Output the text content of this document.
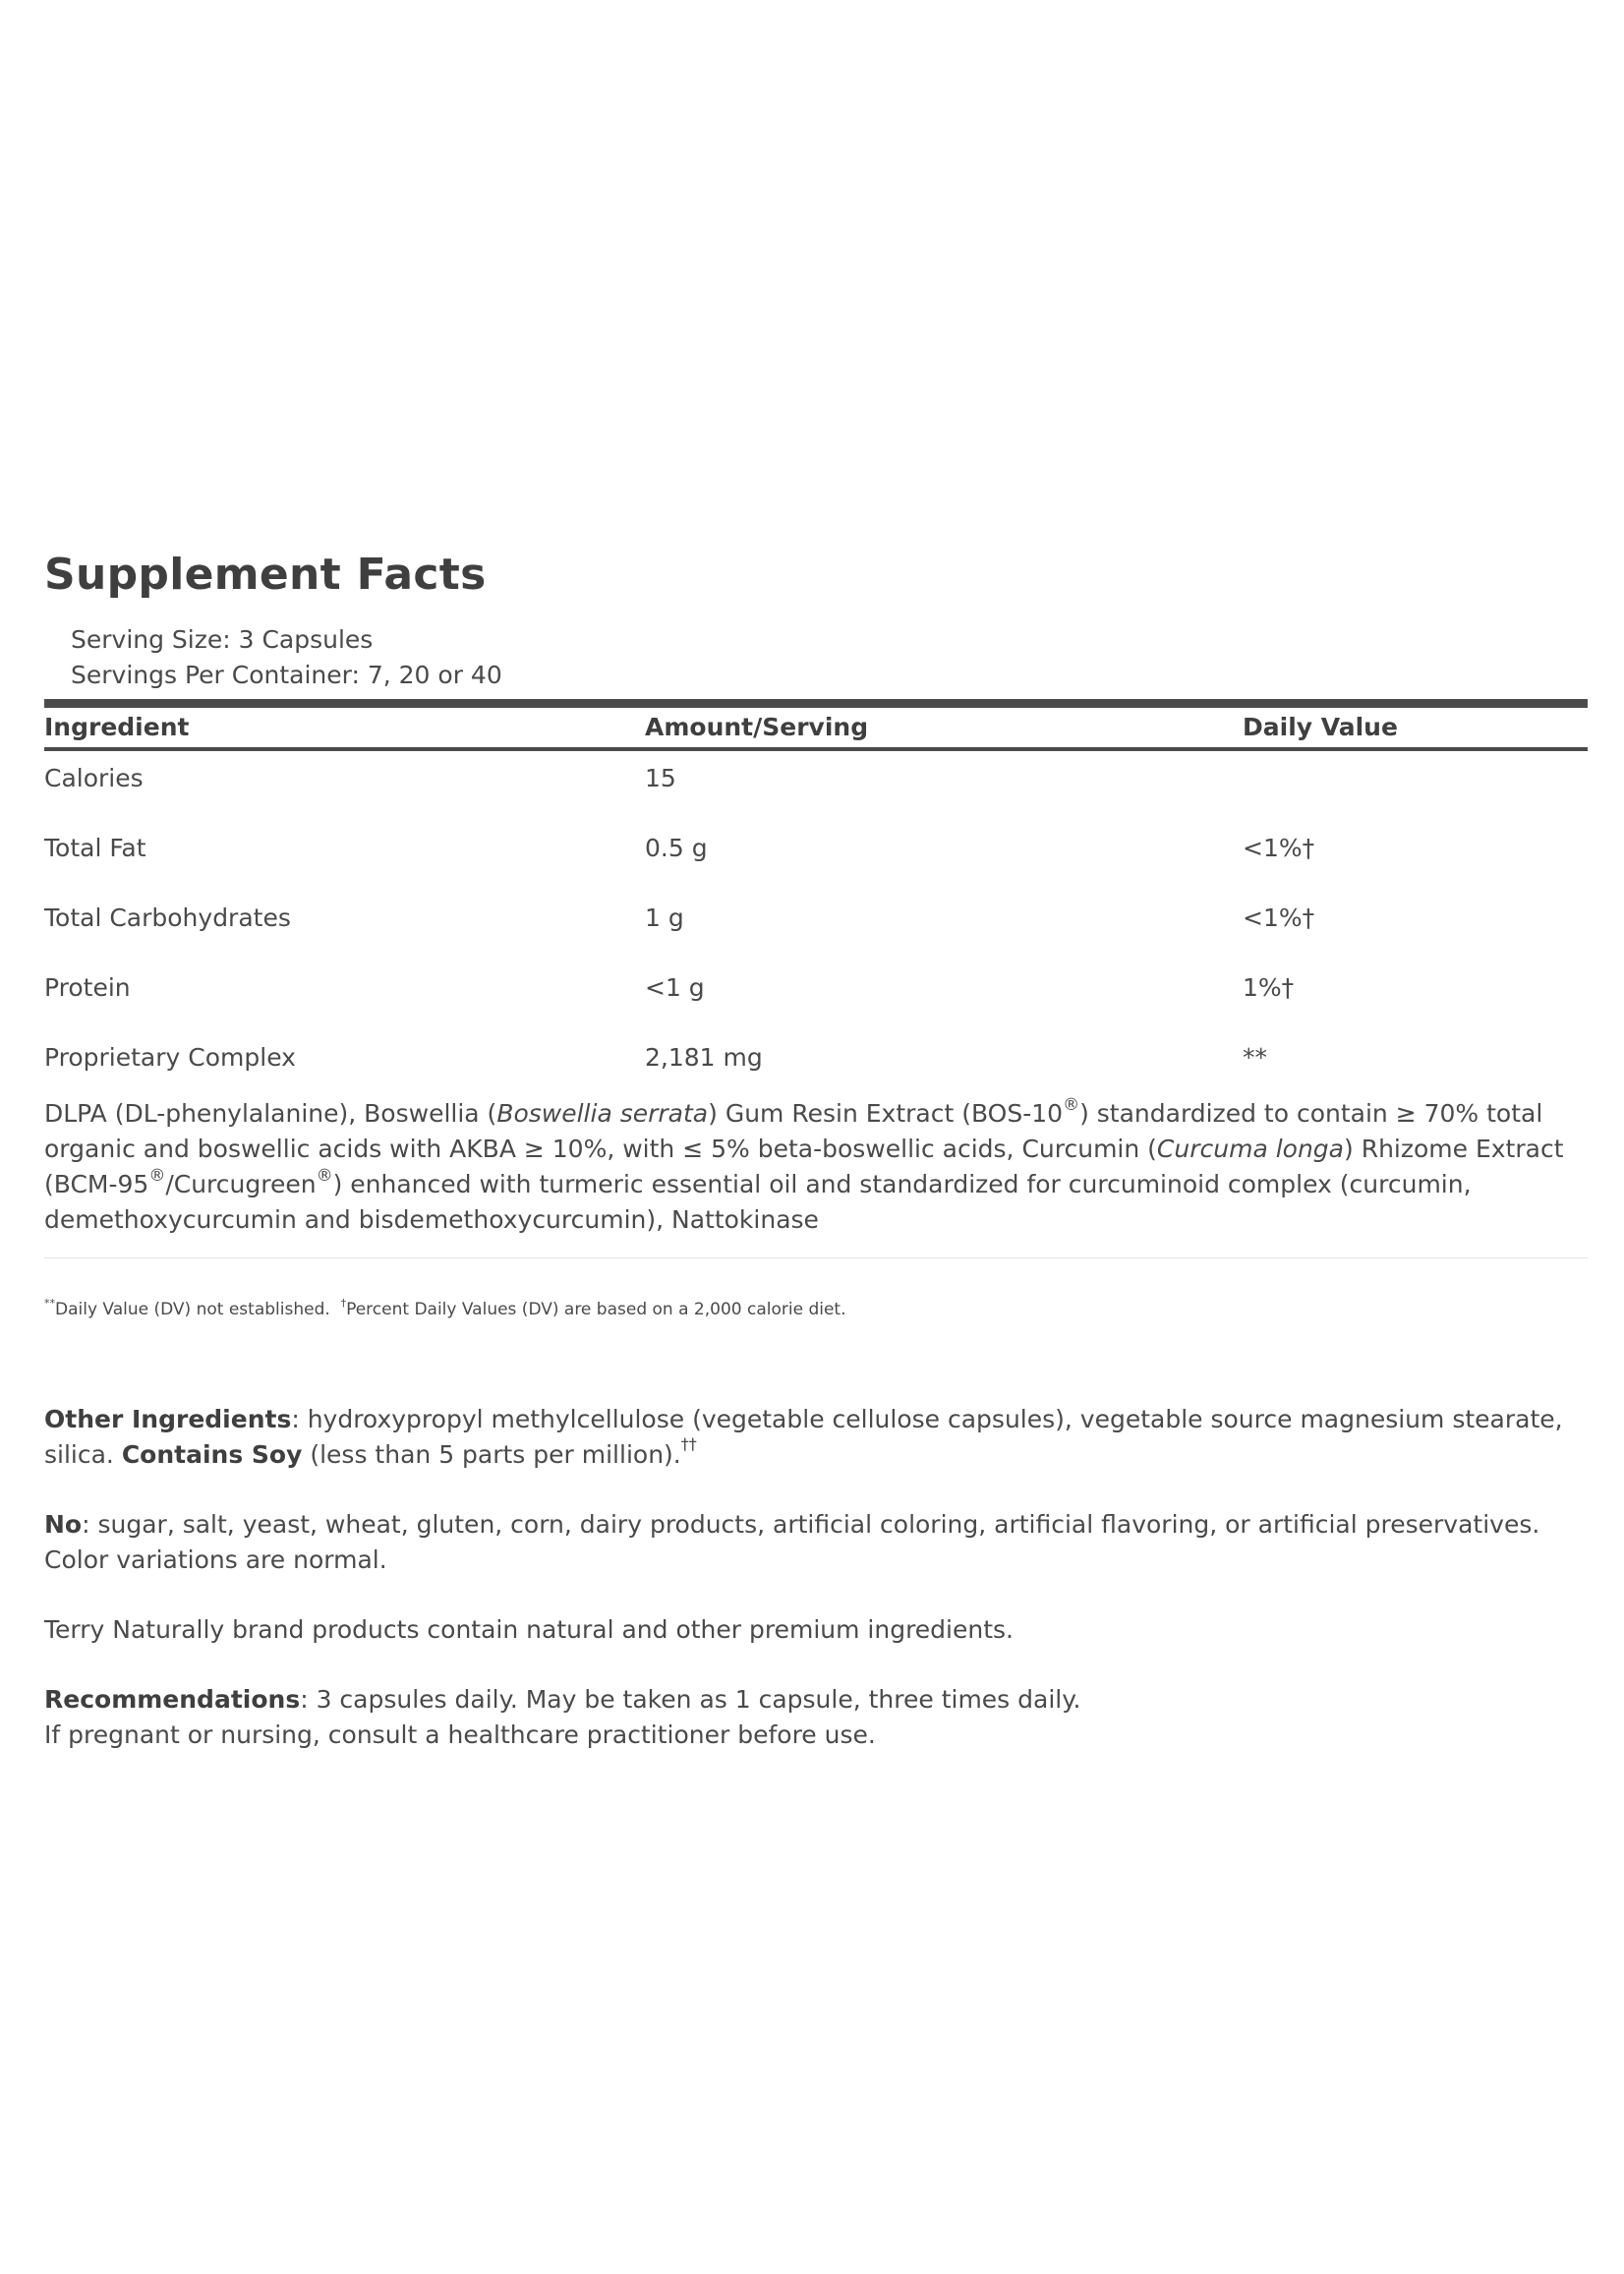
Supplement Facts
Serving Size: 3 Capsules
Servings Per Container: 7, 20 or 40
Ingredient	Amount/Serving	Daily Value
Calories	15
Total Fat	0.5 g	<1%†
Total Carbohydrates	1 g	<1%†
Protein	<1 g	1%†
Proprietary Complex	2,181 mg	**
DLPA (DL-phenylalanine), Boswellia (Boswellia serrata) Gum Resin Extract (BOS-10®) standardized to contain ≥ 70% total organic and boswellic acids with AKBA ≥ 10%, with ≤ 5% beta-boswellic acids, Curcumin (Curcuma longa) Rhizome Extract (BCM-95®/Curcugreen®) enhanced with turmeric essential oil and standardized for curcuminoid complex (curcumin, demethoxycurcumin and bisdemethoxycurcumin), Nattokinase
**Daily Value (DV) not established. †Percent Daily Values (DV) are based on a 2,000 calorie diet.

Other Ingredients: hydroxypropyl methylcellulose (vegetable cellulose capsules), vegetable source magnesium stearate, silica. Contains Soy (less than 5 parts per million).††

No: sugar, salt, yeast, wheat, gluten, corn, dairy products, artificial coloring, artificial flavoring, or artificial preservatives. Color variations are normal.

Terry Naturally brand products contain natural and other premium ingredients.

Recommendations: 3 capsules daily. May be taken as 1 capsule, three times daily.
If pregnant or nursing, consult a healthcare practitioner before use.
